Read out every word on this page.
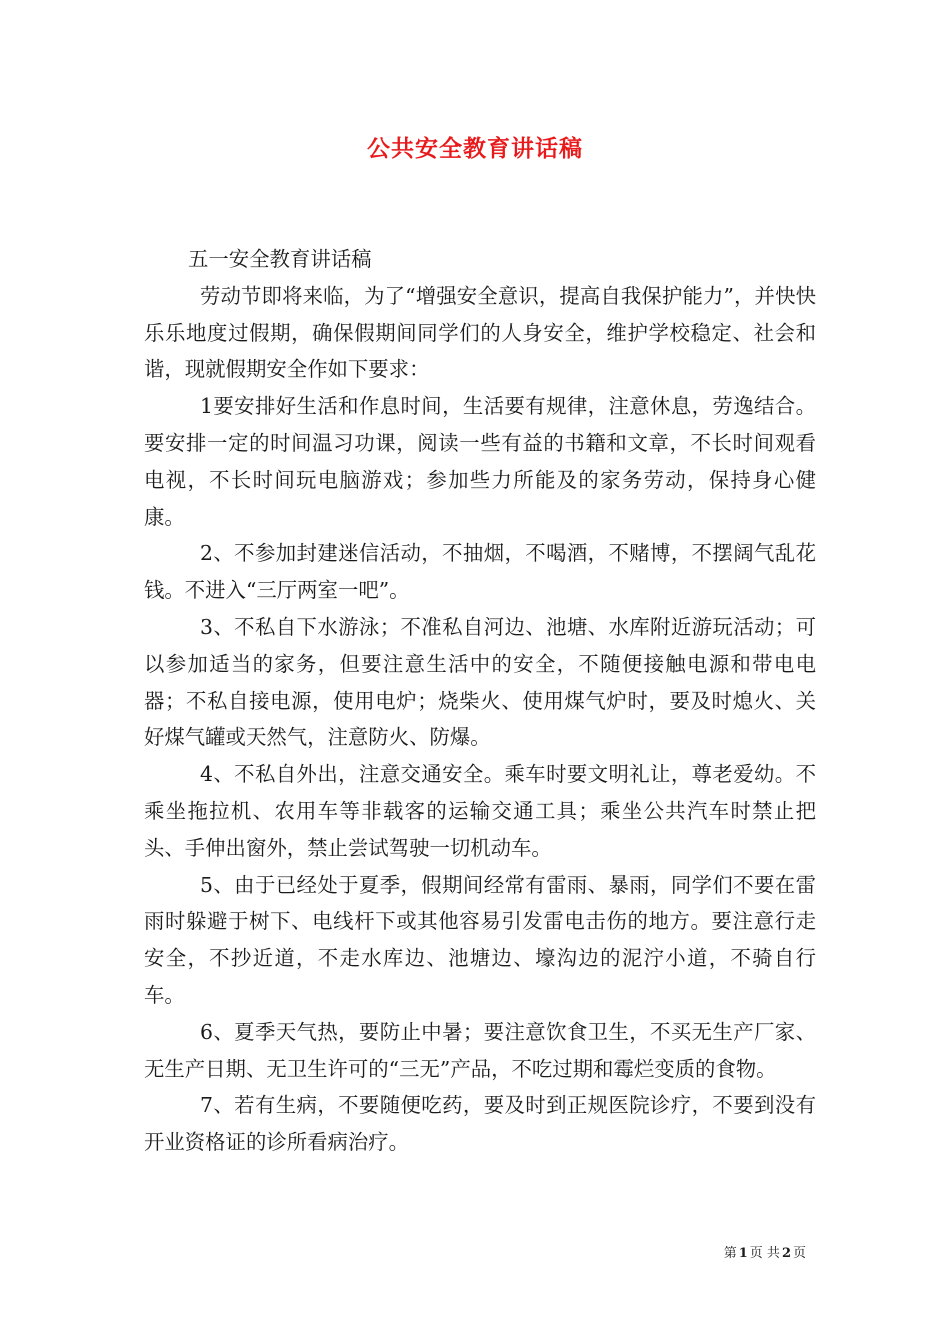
公共安全教育讲话稿

五一安全教育讲话稿

劳动节即将来临，为了“增强安全意识，提高自我保护能力”，并快快乐乐地度过假期，确保假期间同学们的人身安全，维护学校稳定、社会和谐，现就假期安全作如下要求：

1要安排好生活和作息时间，生活要有规律，注意休息，劳逸结合。要安排一定的时间温习功课，阅读一些有益的书籍和文章，不长时间观看电视，不长时间玩电脑游戏；参加些力所能及的家务劳动，保持身心健康。

2、不参加封建迷信活动，不抽烟，不喝酒，不赌博，不摆阔气乱花钱。不进入“三厅两室一吧”。

3、不私自下水游泳；不准私自河边、池塘、水库附近游玩活动；可以参加适当的家务，但要注意生活中的安全，不随便接触电源和带电电器；不私自接电源，使用电炉；烧柴火、使用煤气炉时，要及时熄火、关好煤气罐或天然气，注意防火、防爆。

4、不私自外出，注意交通安全。乘车时要文明礼让，尊老爱幼。不乘坐拖拉机、农用车等非载客的运输交通工具；乘坐公共汽车时禁止把头、手伸出窗外，禁止尝试驾驶一切机动车。

5、由于已经处于夏季，假期间经常有雷雨、暴雨，同学们不要在雷雨时躲避于树下、电线杆下或其他容易引发雷电击伤的地方。要注意行走安全，不抄近道，不走水库边、池塘边、壕沟边的泥泞小道，不骑自行车。

6、夏季天气热，要防止中暑；要注意饮食卫生，不买无生产厂家、无生产日期、无卫生许可的“三无”产品，不吃过期和霉烂变质的食物。

7、若有生病，不要随便吃药，要及时到正规医院诊疗，不要到没有开业资格证的诊所看病治疗。

第 1 页 共 2 页
